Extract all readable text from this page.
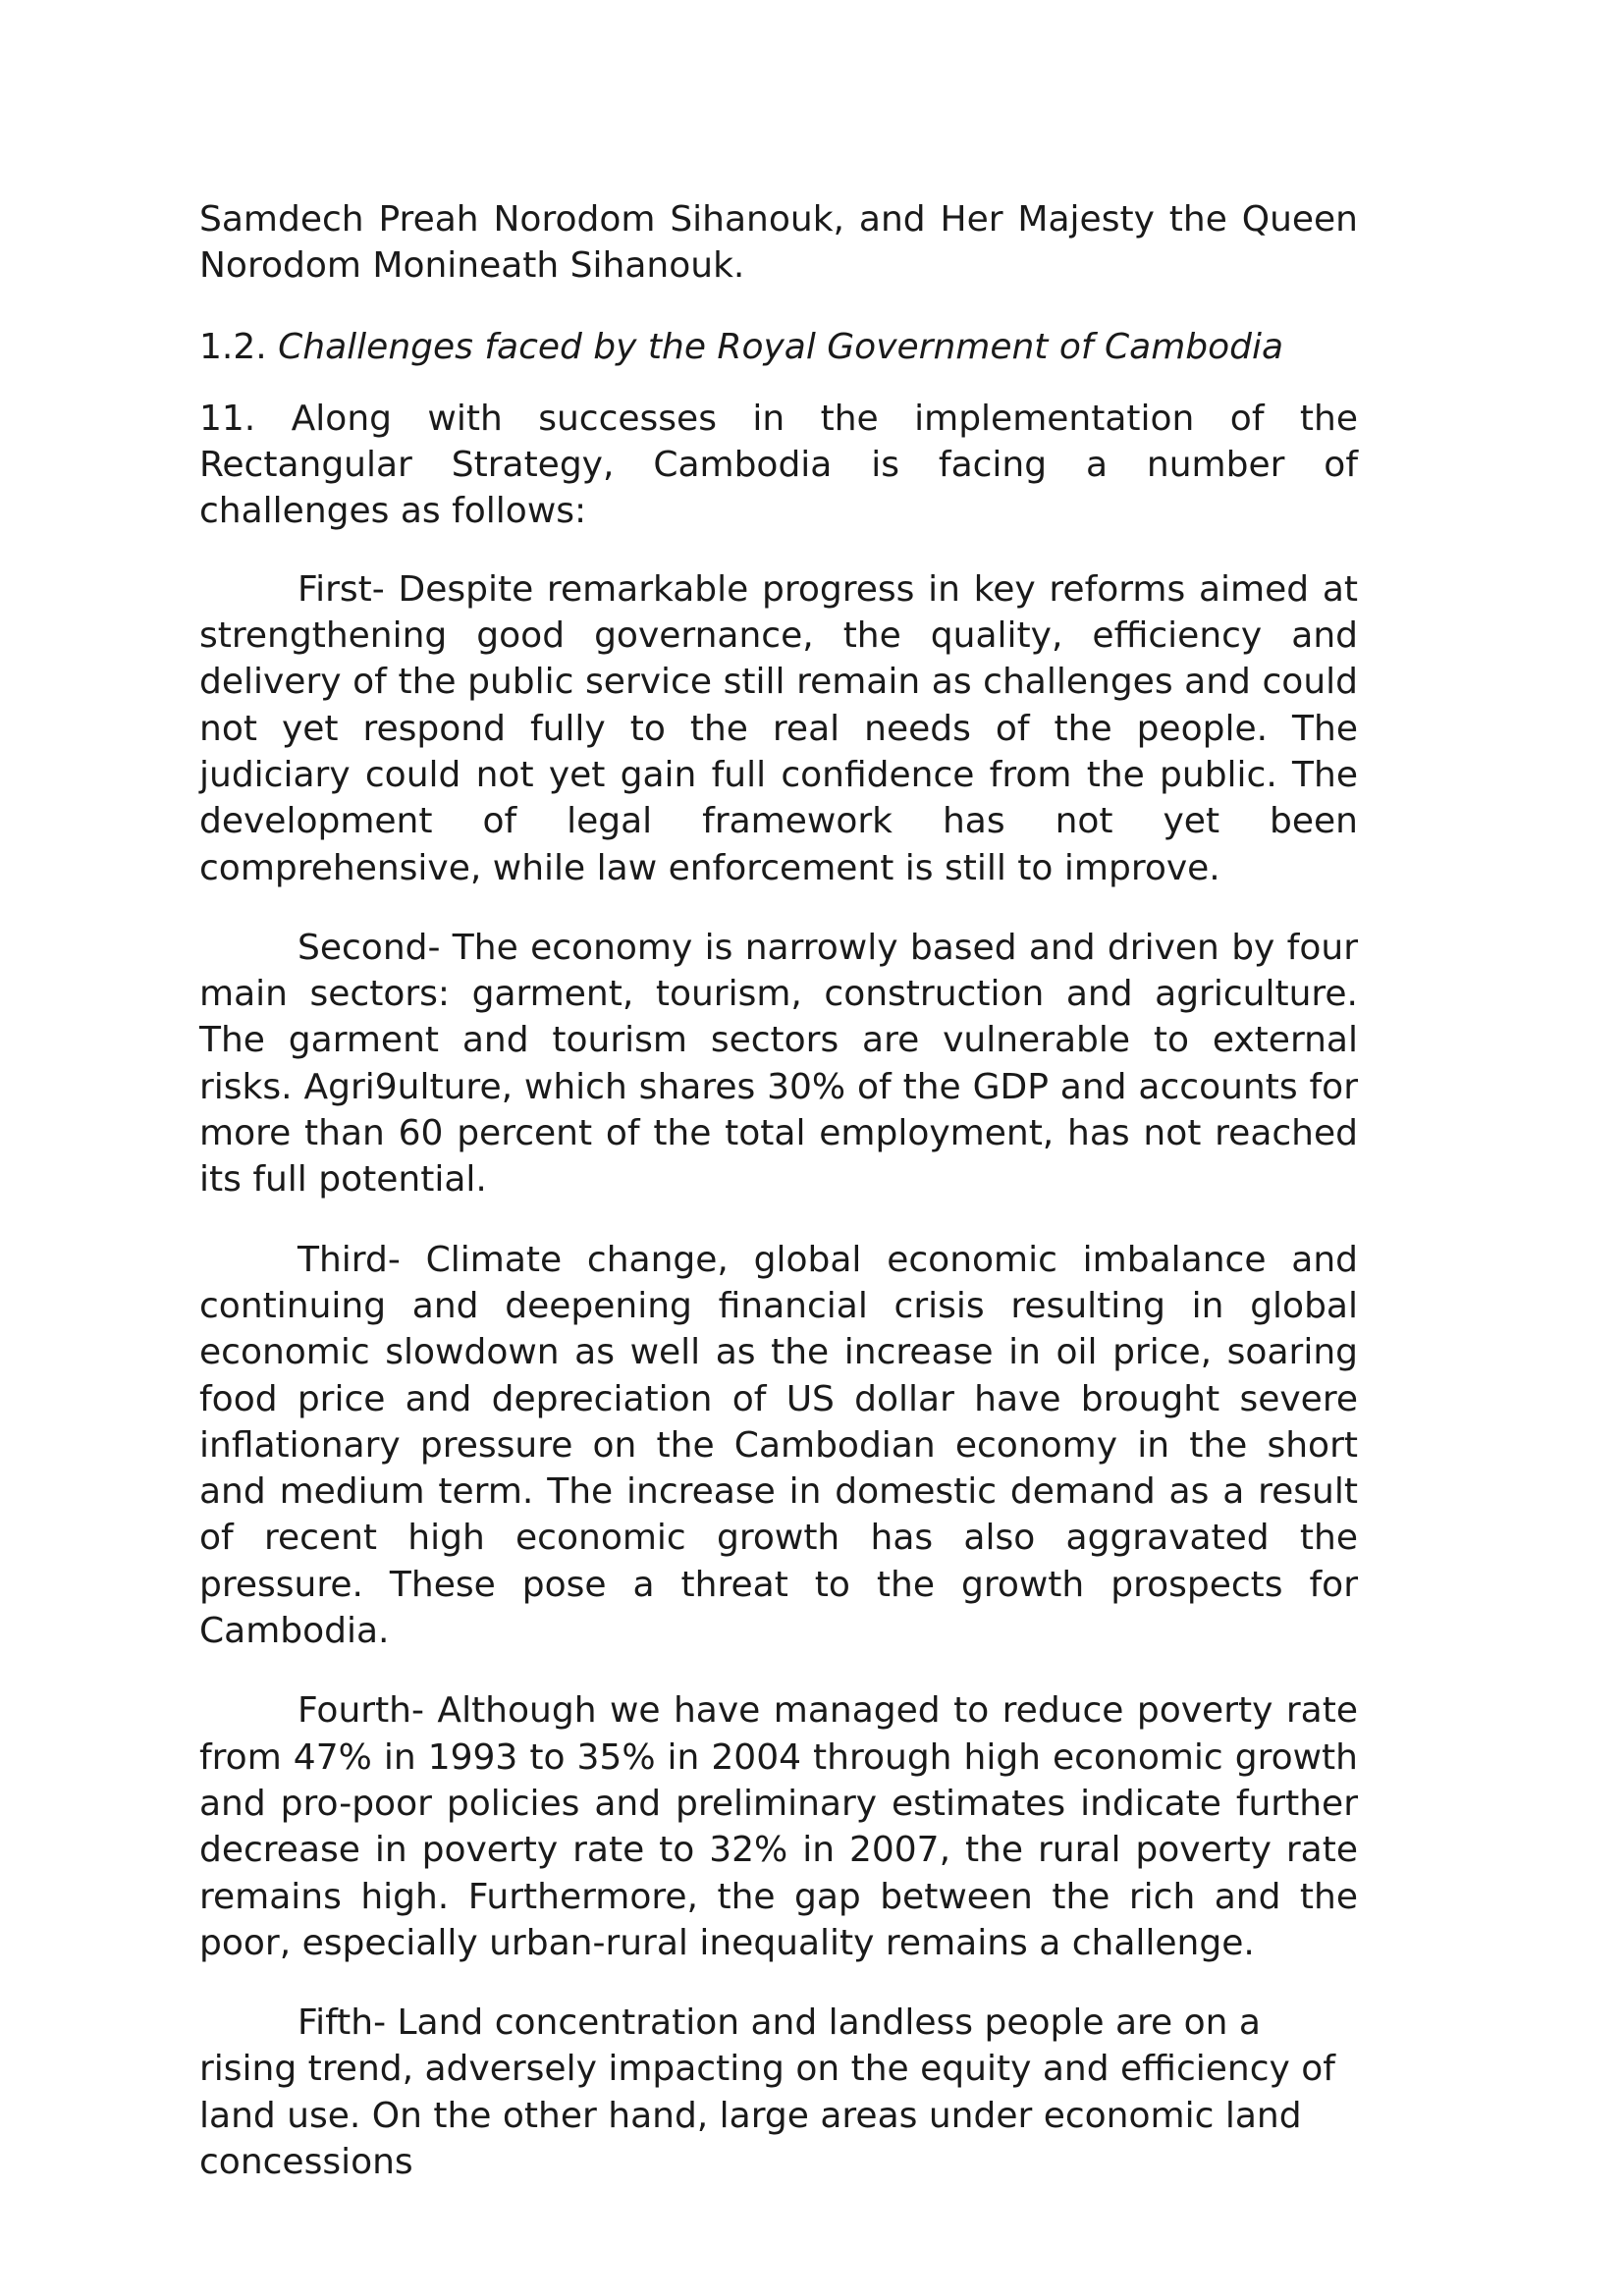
Samdech Preah Norodom Sihanouk, and Her Majesty the Queen Norodom Monineath Sihanouk.

1.2. Challenges faced by the Royal Government of Cambodia

11. Along with successes in the implementation of the Rectangular Strategy, Cambodia is facing a number of challenges as follows:

First- Despite remarkable progress in key reforms aimed at strengthening good governance, the quality, efficiency and delivery of the public service still remain as challenges and could not yet respond fully to the real needs of the people. The judiciary could not yet gain full confidence from the public. The development of legal framework has not yet been comprehensive, while law enforcement is still to improve.

Second- The economy is narrowly based and driven by four main sectors: garment, tourism, construction and agriculture. The garment and tourism sectors are vulnerable to external risks. Agri9ulture, which shares 30% of the GDP and accounts for more than 60 percent of the total employment, has not reached its full potential.

Third- Climate change, global economic imbalance and continuing and deepening financial crisis resulting in global economic slowdown as well as the increase in oil price, soaring food price and depreciation of US dollar have brought severe inflationary pressure on the Cambodian economy in the short and medium term. The increase in domestic demand as a result of recent high economic growth has also aggravated the pressure. These pose a threat to the growth prospects for Cambodia.

Fourth- Although we have managed to reduce poverty rate from 47% in 1993 to 35% in 2004 through high economic growth and pro-poor policies and preliminary estimates indicate further decrease in poverty rate to 32% in 2007, the rural poverty rate remains high. Furthermore, the gap between the rich and the poor, especially urban-rural inequality remains a challenge.

Fifth- Land concentration and landless people are on a rising trend, adversely impacting on the equity and efficiency of land use. On the other hand, large areas under economic land concessions
